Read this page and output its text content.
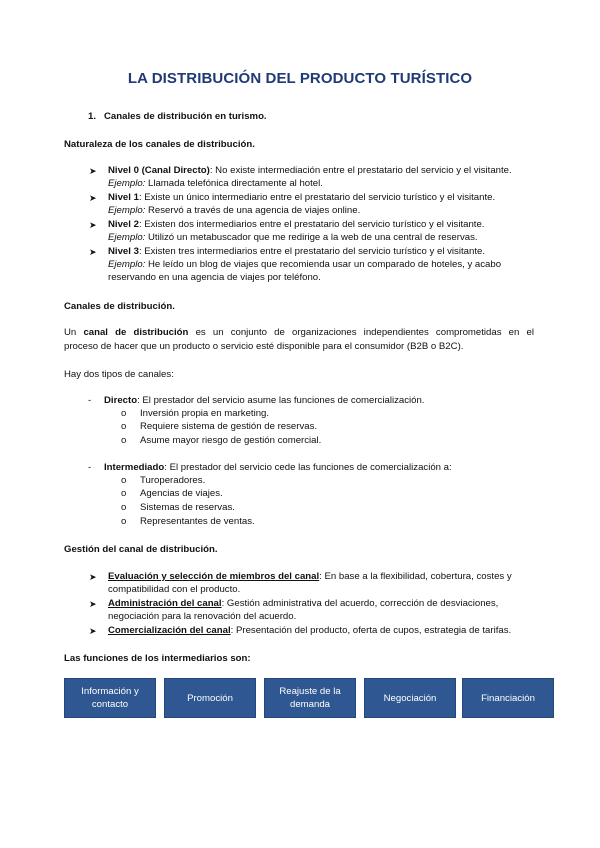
LA DISTRIBUCIÓN DEL PRODUCTO TURÍSTICO
1. Canales de distribución en turismo.
Naturaleza de los canales de distribución.
➤ Nivel 0 (Canal Directo): No existe intermediación entre el prestatario del servicio y el visitante.
Ejemplo: Llamada telefónica directamente al hotel.
➤ Nivel 1: Existe un único intermediario entre el prestatario del servicio turístico y el visitante.
Ejemplo: Reservó a través de una agencia de viajes online.
➤ Nivel 2: Existen dos intermediarios entre el prestatario del servicio turístico y el visitante.
Ejemplo: Utilizó un metabuscador que me redirige a la web de una central de reservas.
➤ Nivel 3: Existen tres intermediarios entre el prestatario del servicio turístico y el visitante.
Ejemplo: He leído un blog de viajes que recomienda usar un comparado de hoteles, y acabo
reservando en una agencia de viajes por teléfono.
Canales de distribución.
Un canal de distribución es un conjunto de organizaciones independientes comprometidas en el
proceso de hacer que un producto o servicio esté disponible para el consumidor (B2B o B2C).
Hay dos tipos de canales:
- Directo: El prestador del servicio asume las funciones de comercialización.
o Inversión propia en marketing.
o Requiere sistema de gestión de reservas.
o Asume mayor riesgo de gestión comercial.
- Intermediado: El prestador del servicio cede las funciones de comercialización a:
o Turoperadores.
o Agencias de viajes.
o Sistemas de reservas.
o Representantes de ventas.
Gestión del canal de distribución.
➤ Evaluación y selección de miembros del canal: En base a la flexibilidad, cobertura, costes y
compatibilidad con el producto.
➤ Administración del canal: Gestión administrativa del acuerdo, corrección de desviaciones,
negociación para la renovación del acuerdo.
➤ Comercialización del canal: Presentación del producto, oferta de cupos, estrategia de tarifas.
Las funciones de los intermediarios son:
Información y
contacto
Promoción
Reajuste de la
demanda
Negociación	Financiación
